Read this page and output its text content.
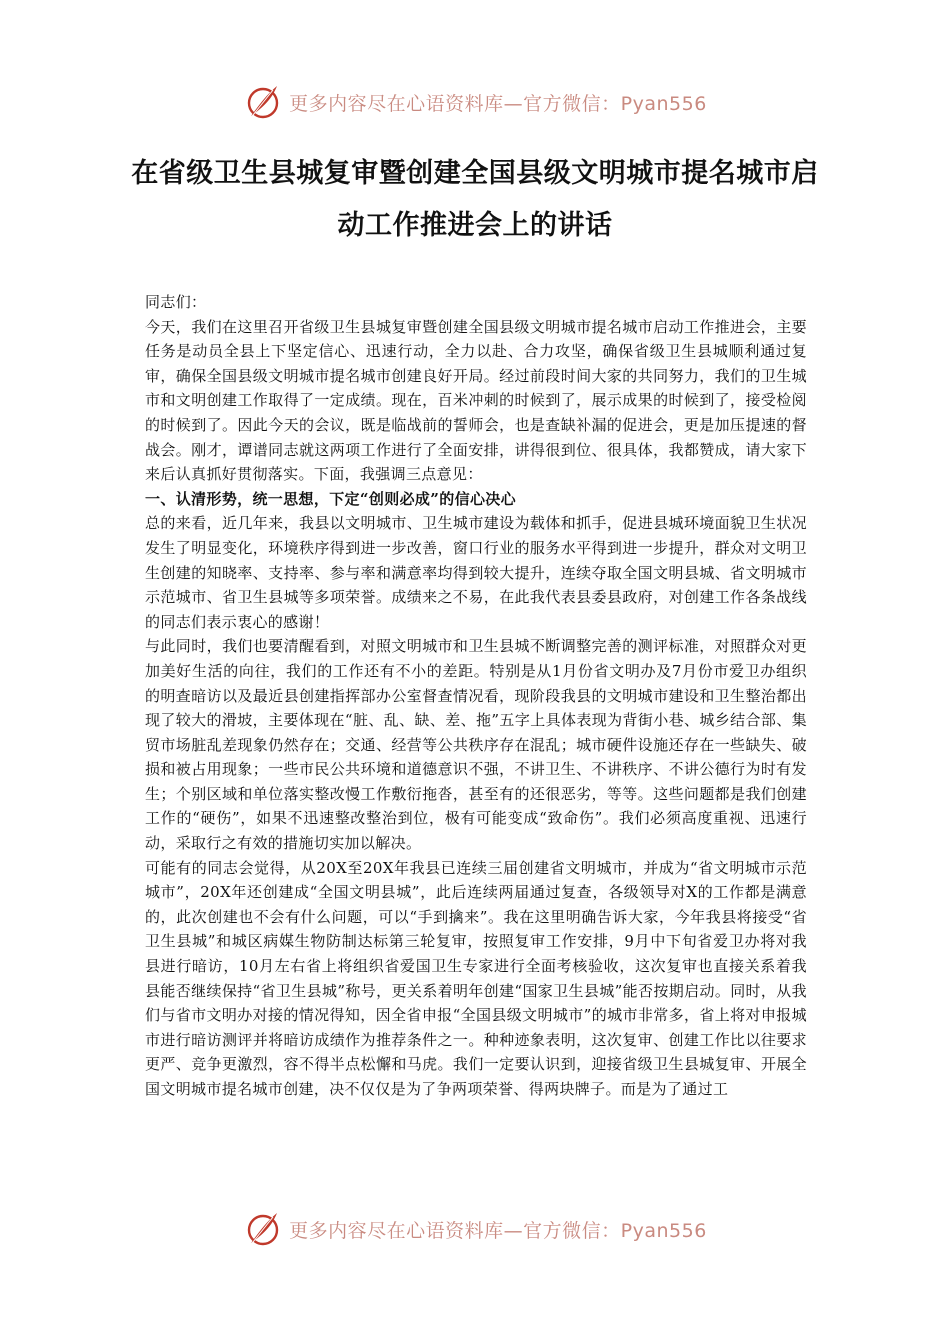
更多内容尽在心语资料库—官方微信：Pyan556
在省级卫生县城复审暨创建全国县级文明城市提名城市启动工作推进会上的讲话

同志们：

今天，我们在这里召开省级卫生县城复审暨创建全国县级文明城市提名城市启动工作推进会，主要任务是动员全县上下坚定信心、迅速行动，全力以赴、合力攻坚，确保省级卫生县城顺利通过复审，确保全国县级文明城市提名城市创建良好开局。经过前段时间大家的共同努力，我们的卫生城市和文明创建工作取得了一定成绩。现在，百米冲刺的时候到了，展示成果的时候到了，接受检阅的时候到了。因此今天的会议，既是临战前的誓师会，也是查缺补漏的促进会，更是加压提速的督战会。刚才，谭谱同志就这两项工作进行了全面安排，讲得很到位、很具体，我都赞成，请大家下来后认真抓好贯彻落实。下面，我强调三点意见：

一、认清形势，统一思想，下定“创则必成”的信心决心

总的来看，近几年来，我县以文明城市、卫生城市建设为载体和抓手，促进县城环境面貌卫生状况发生了明显变化，环境秩序得到进一步改善，窗口行业的服务水平得到进一步提升，群众对文明卫生创建的知晓率、支持率、参与率和满意率均得到较大提升，连续夺取全国文明县城、省文明城市示范城市、省卫生县城等多项荣誉。成绩来之不易，在此我代表县委县政府，对创建工作各条战线的同志们表示衷心的感谢！

与此同时，我们也要清醒看到，对照文明城市和卫生县城不断调整完善的测评标准，对照群众对更加美好生活的向往，我们的工作还有不小的差距。特别是从1月份省文明办及7月份市爱卫办组织的明查暗访以及最近县创建指挥部办公室督查情况看，现阶段我县的文明城市建设和卫生整治都出现了较大的滑坡，主要体现在“脏、乱、缺、差、拖”五字上具体表现为背街小巷、城乡结合部、集贸市场脏乱差现象仍然存在；交通、经营等公共秩序存在混乱；城市硬件设施还存在一些缺失、破损和被占用现象；一些市民公共环境和道德意识不强，不讲卫生、不讲秩序、不讲公德行为时有发生；个别区域和单位落实整改慢工作敷衍拖沓，甚至有的还很恶劣，等等。这些问题都是我们创建工作的“硬伤”，如果不迅速整改整治到位，极有可能变成“致命伤”。我们必须高度重视、迅速行动，采取行之有效的措施切实加以解决。

可能有的同志会觉得，从20X至20X年我县已连续三届创建省文明城市，并成为“省文明城市示范城市”，20X年还创建成“全国文明县城”，此后连续两届通过复查，各级领导对X的工作都是满意的，此次创建也不会有什么问题，可以“手到擒来”。我在这里明确告诉大家，今年我县将接受“省卫生县城”和城区病媒生物防制达标第三轮复审，按照复审工作安排，9月中下旬省爱卫办将对我县进行暗访，10月左右省上将组织省爱国卫生专家进行全面考核验收，这次复审也直接关系着我县能否继续保持“省卫生县城”称号，更关系着明年创建“国家卫生县城”能否按期启动。同时，从我们与省市文明办对接的情况得知，因全省申报“全国县级文明城市”的城市非常多，省上将对申报城市进行暗访测评并将暗访成绩作为推荐条件之一。种种迹象表明，这次复审、创建工作比以往要求更严、竞争更激烈，容不得半点松懈和马虎。我们一定要认识到，迎接省级卫生县城复审、开展全国文明城市提名城市创建，决不仅仅是为了争两项荣誉、得两块牌子。而是为了通过工

更多内容尽在心语资料库—官方微信：Pyan556
